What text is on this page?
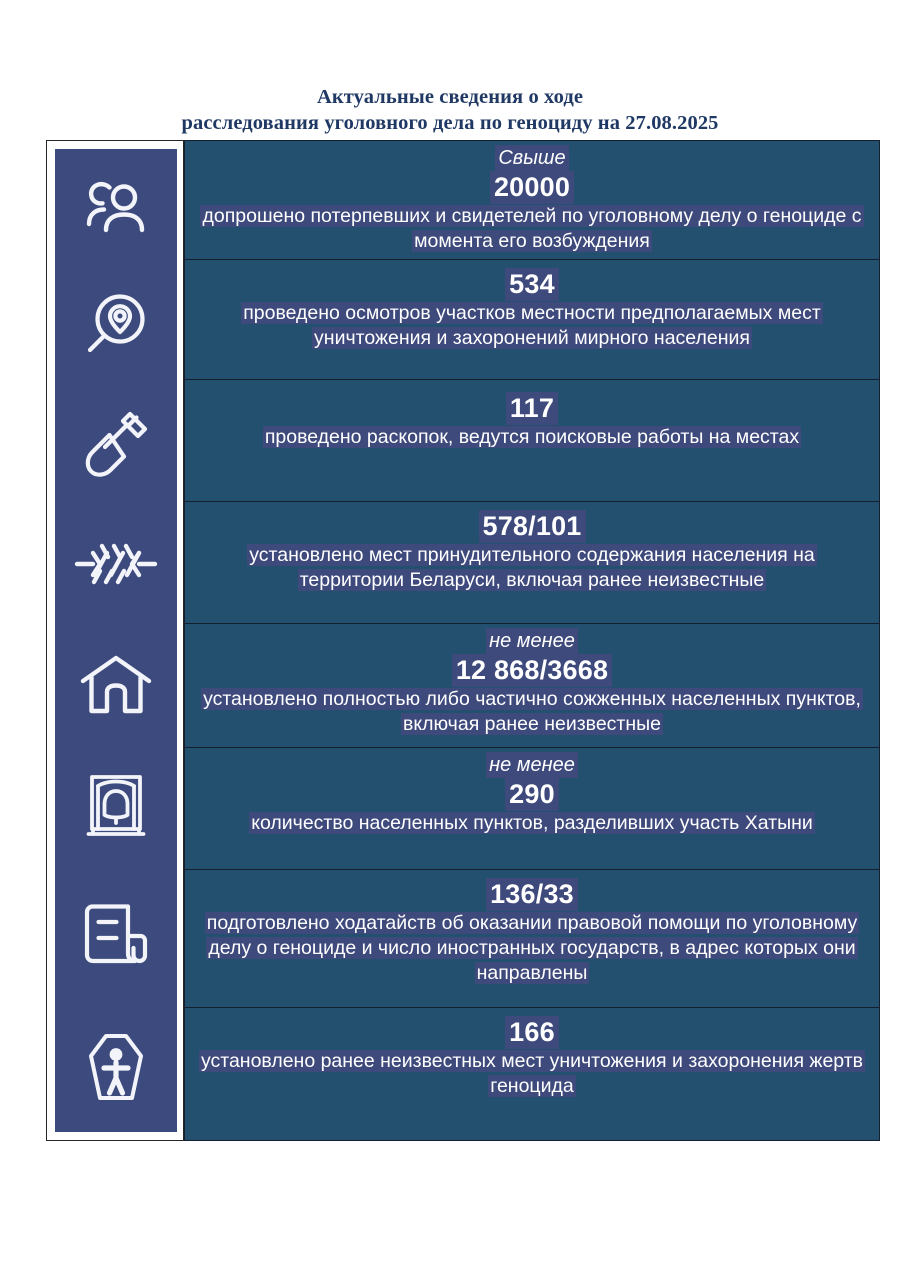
Актуальные сведения о ходе
расследования уголовного дела по геноциду на 27.08.2025
Свыше
20000
допрошено потерпевших и свидетелей по уголовному делу о геноциде с момента его возбуждения
534
проведено осмотров участков местности предполагаемых мест уничтожения и захоронений мирного населения
117
проведено раскопок, ведутся поисковые работы на местах
578/101
установлено мест принудительного содержания населения на территории Беларуси, включая ранее неизвестные
не менее
12 868/3668
установлено полностью либо частично сожженных населенных пунктов, включая ранее неизвестные
не менее
290
количество населенных пунктов, разделивших участь Хатыни
136/33
подготовлено ходатайств об оказании правовой помощи по уголовному делу о геноциде и число иностранных государств, в адрес которых они направлены
166
установлено ранее неизвестных мест уничтожения и захоронения жертв геноцида
